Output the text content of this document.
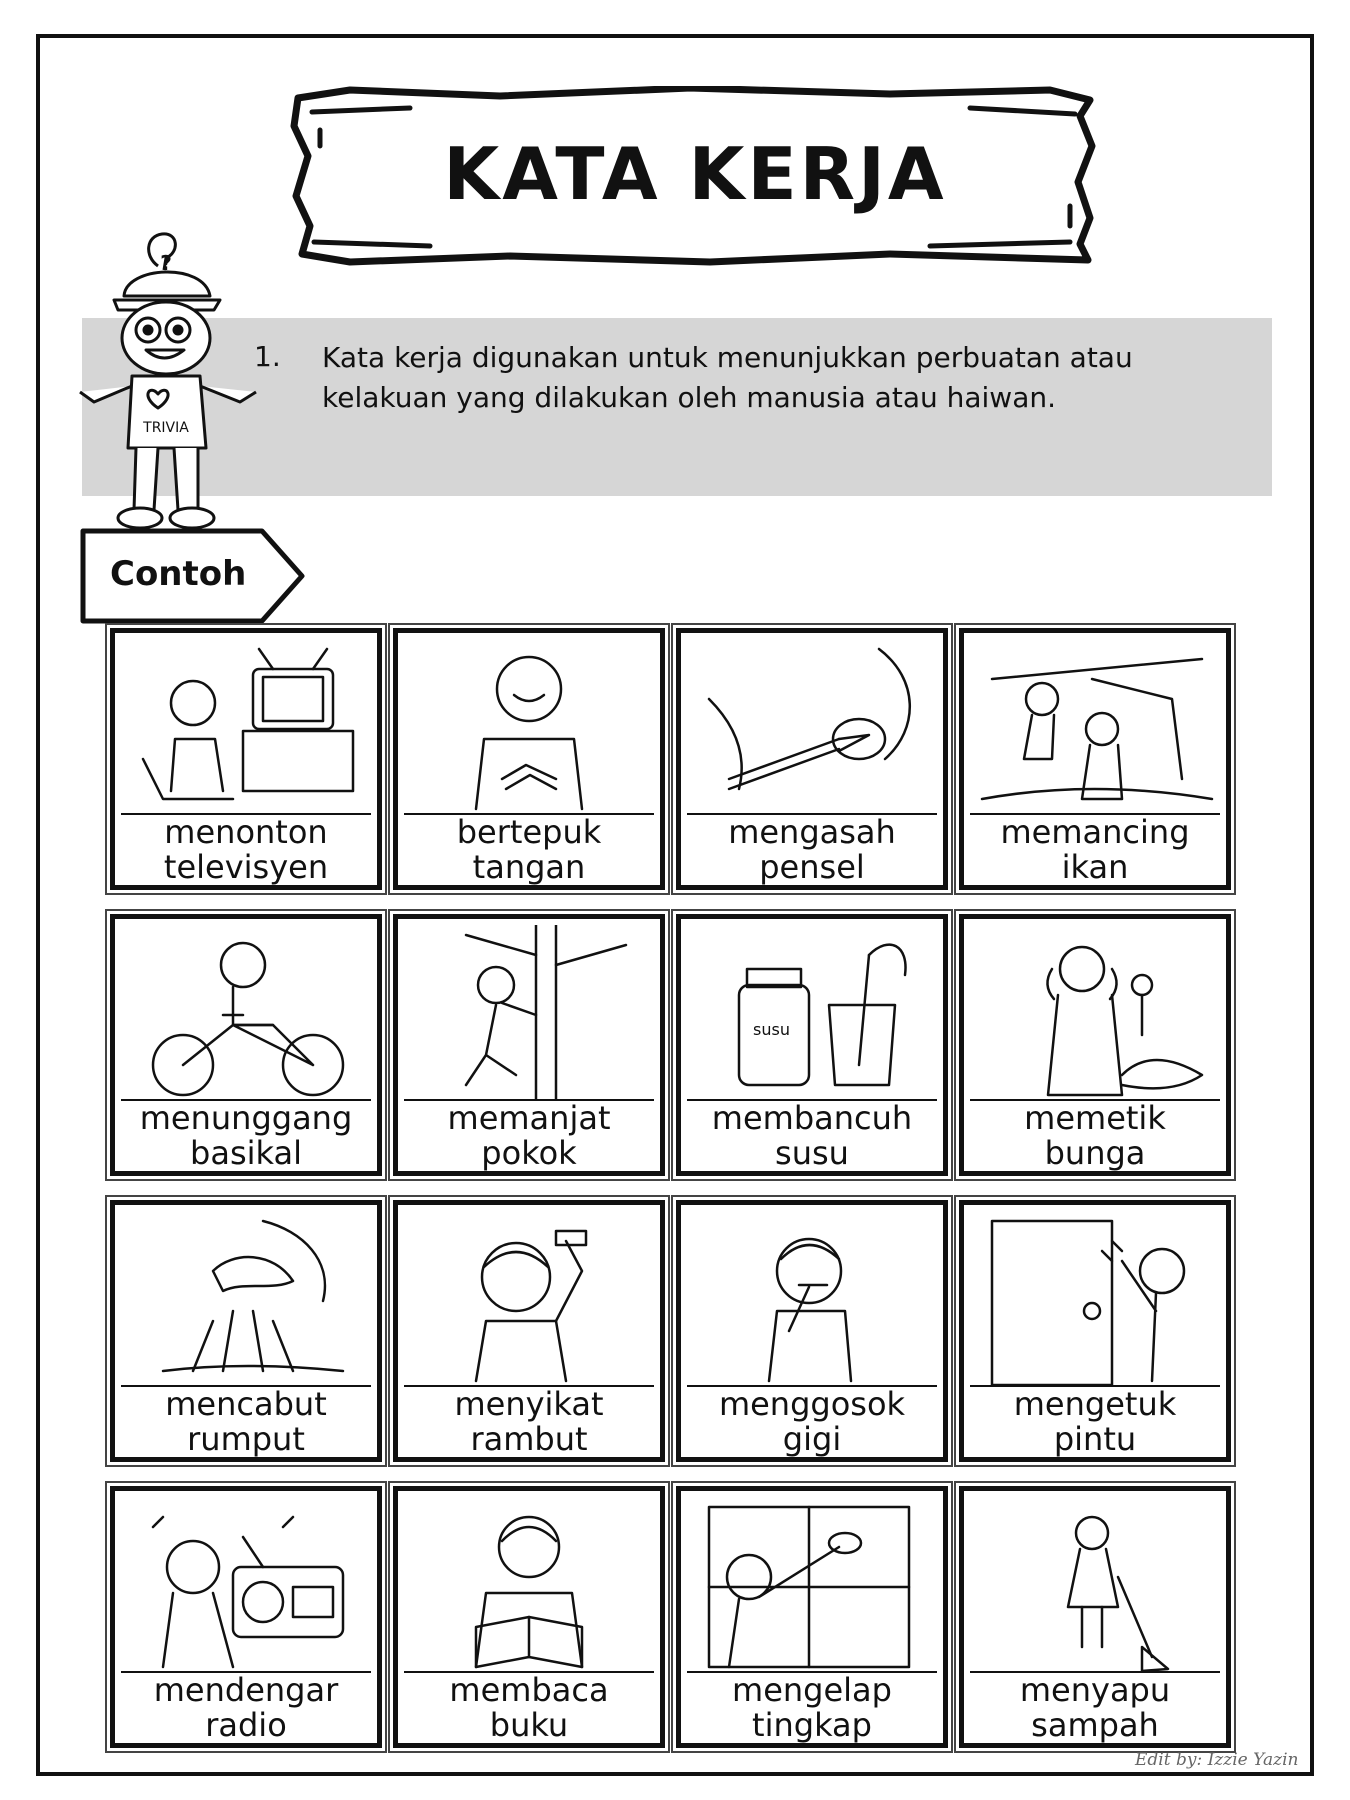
KATA KERJA
1. Kata kerja digunakan untuk menunjukkan perbuatan atau
kelakuan yang dilakukan oleh manusia atau haiwan.
?
TRIVIA
Contoh
menonton
televisyen
bertepuk
tangan
mengasah
pensel
memancing
ikan
menunggang
basikal
memanjat
pokok
susu
membancuh
susu
memetik
bunga
mencabut
rumput
menyikat
rambut
menggosok
gigi
mengetuk
pintu
mendengar
radio
membaca
buku
mengelap
tingkap
menyapu
sampah
Edit by: Izzie Yazin
